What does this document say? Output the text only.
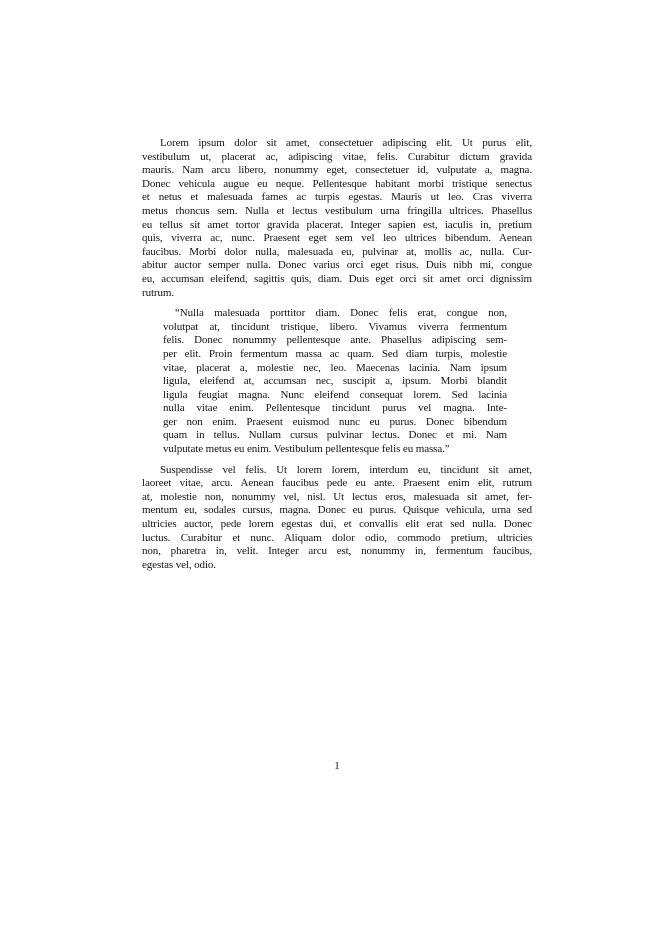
Lorem ipsum dolor sit amet, consectetuer adipiscing elit. Ut purus elit,
vestibulum ut, placerat ac, adipiscing vitae, felis. Curabitur dictum gravida
mauris. Nam arcu libero, nonummy eget, consectetuer id, vulputate a, magna.
Donec vehicula augue eu neque. Pellentesque habitant morbi tristique senectus
et netus et malesuada fames ac turpis egestas. Mauris ut leo. Cras viverra
metus rhoncus sem. Nulla et lectus vestibulum urna fringilla ultrices. Phasellus
eu tellus sit amet tortor gravida placerat. Integer sapien est, iaculis in, pretium
quis, viverra ac, nunc. Praesent eget sem vel leo ultrices bibendum. Aenean
faucibus. Morbi dolor nulla, malesuada eu, pulvinar at, mollis ac, nulla. Cur-
abitur auctor semper nulla. Donec varius orci eget risus. Duis nibh mi, congue
eu, accumsan eleifend, sagittis quis, diam. Duis eget orci sit amet orci dignissim
rutrum.

“Nulla malesuada porttitor diam. Donec felis erat, congue non,
volutpat at, tincidunt tristique, libero. Vivamus viverra fermentum
felis. Donec nonummy pellentesque ante. Phasellus adipiscing sem-
per elit. Proin fermentum massa ac quam. Sed diam turpis, molestie
vitae, placerat a, molestie nec, leo. Maecenas lacinia. Nam ipsum
ligula, eleifend at, accumsan nec, suscipit a, ipsum. Morbi blandit
ligula feugiat magna. Nunc eleifend consequat lorem. Sed lacinia
nulla vitae enim. Pellentesque tincidunt purus vel magna. Inte-
ger non enim. Praesent euismod nunc eu purus. Donec bibendum
quam in tellus. Nullam cursus pulvinar lectus. Donec et mi. Nam
vulputate metus eu enim. Vestibulum pellentesque felis eu massa.”

Suspendisse vel felis. Ut lorem lorem, interdum eu, tincidunt sit amet,
laoreet vitae, arcu. Aenean faucibus pede eu ante. Praesent enim elit, rutrum
at, molestie non, nonummy vel, nisl. Ut lectus eros, malesuada sit amet, fer-
mentum eu, sodales cursus, magna. Donec eu purus. Quisque vehicula, urna sed
ultricies auctor, pede lorem egestas dui, et convallis elit erat sed nulla. Donec
luctus. Curabitur et nunc. Aliquam dolor odio, commodo pretium, ultricies
non, pharetra in, velit. Integer arcu est, nonummy in, fermentum faucibus,
egestas vel, odio.

1
